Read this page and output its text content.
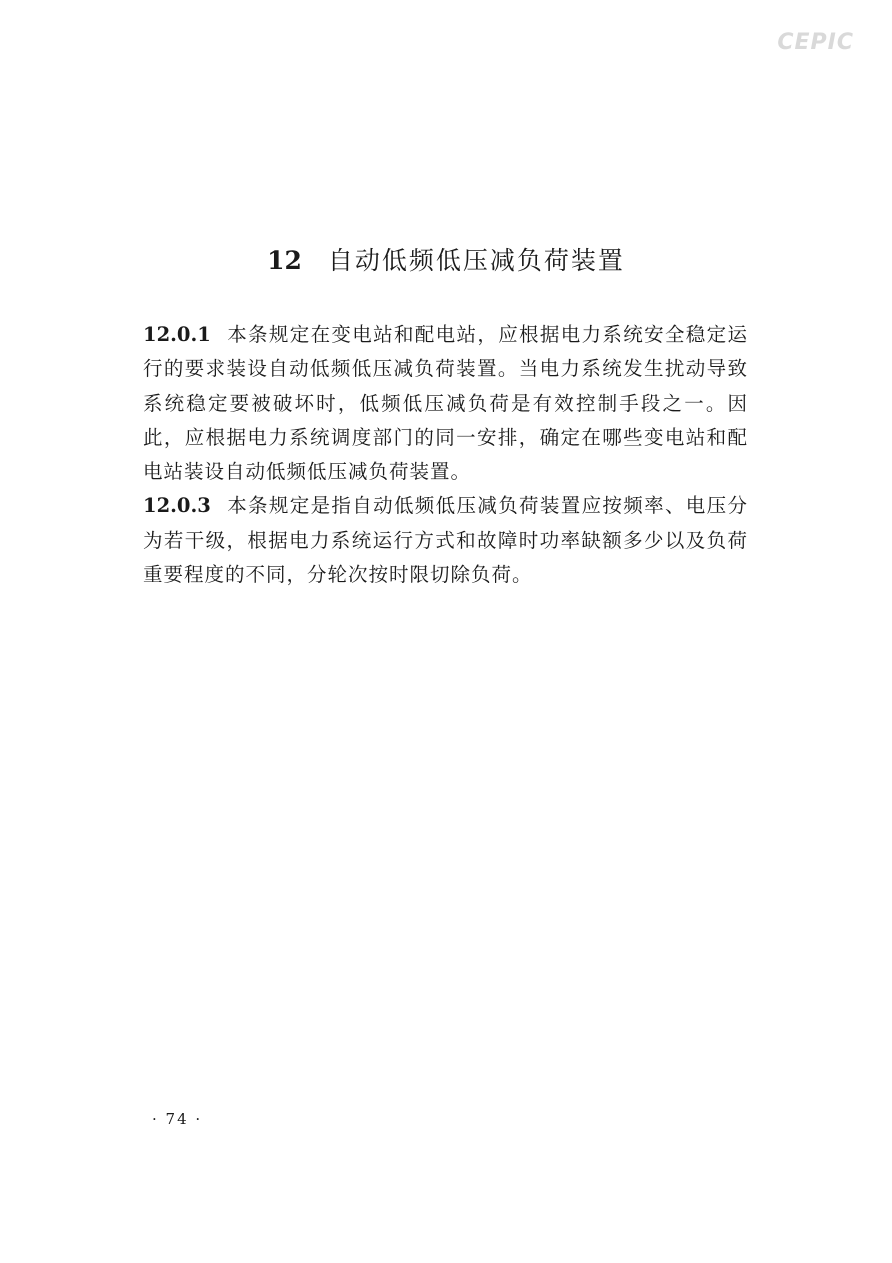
CEPIC
12 自动低频低压减负荷装置

12.0.1 本条规定在变电站和配电站，应根据电力系统安全稳定运行的要求装设自动低频低压减负荷装置。当电力系统发生扰动导致系统稳定要被破坏时，低频低压减负荷是有效控制手段之一。因此，应根据电力系统调度部门的同一安排，确定在哪些变电站和配电站装设自动低频低压减负荷装置。

12.0.3 本条规定是指自动低频低压减负荷装置应按频率、电压分为若干级，根据电力系统运行方式和故障时功率缺额多少以及负荷重要程度的不同，分轮次按时限切除负荷。

· 74 ·
